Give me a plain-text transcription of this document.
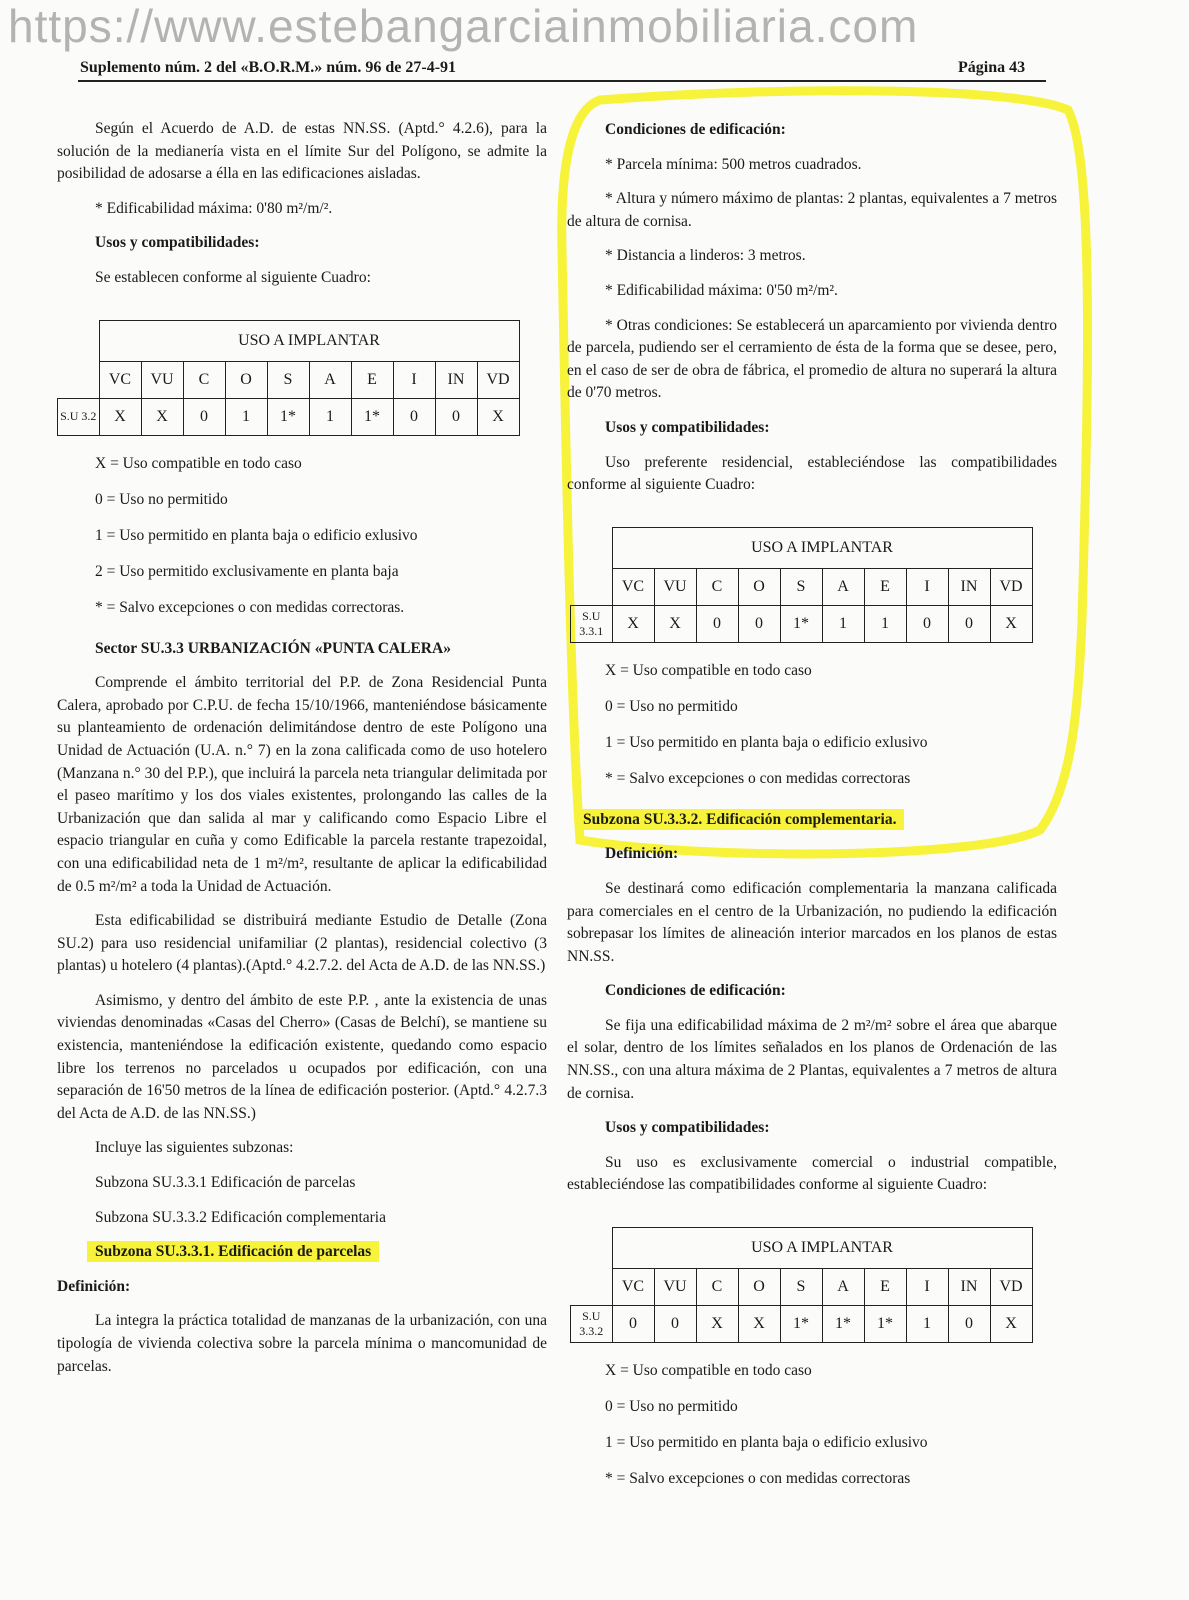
https://www.estebangarciainmobiliaria.com
Suplemento núm. 2 del «B.O.R.M.» núm. 96 de 27-4-91	Página 43
Según el Acuerdo de A.D. de estas NN.SS. (Aptd.° 4.2.6), para la solución de la medianería vista en el límite Sur del Polígono, se admite la posibilidad de adosarse a élla en las edificaciones aisladas.
* Edificabilidad máxima: 0'80 m²/m/².
Usos y compatibilidades:
Se establecen conforme al siguiente Cuadro:
	USO A IMPLANTAR									
	VC	VU	C	O	S	A	E	I	IN	VD
S.U 3.2	X	X	0	1	1*	1	1*	0	0	X
X = Uso compatible en todo caso
0 = Uso no permitido
1 = Uso permitido en planta baja o edificio exlusivo
2 = Uso permitido exclusivamente en planta baja
* = Salvo excepciones o con medidas correctoras.
Sector SU.3.3 URBANIZACIÓN «PUNTA CALERA»
Comprende el ámbito territorial del P.P. de Zona Residencial Punta Calera, aprobado por C.P.U. de fecha 15/10/1966, manteniéndose básicamente su planteamiento de ordenación delimitándose dentro de este Polígono una Unidad de Actuación (U.A. n.° 7) en la zona calificada como de uso hotelero (Manzana n.° 30 del P.P.), que incluirá la parcela neta triangular delimitada por el paseo marítimo y los dos viales existentes, prolongando las calles de la Urbanización que dan salida al mar y calificando como Espacio Libre el espacio triangular en cuña y como Edificable la parcela restante trapezoidal, con una edificabilidad neta de 1 m²/m², resultante de aplicar la edificabilidad de 0.5 m²/m² a toda la Unidad de Actuación.
Esta edificabilidad se distribuirá mediante Estudio de Detalle (Zona SU.2) para uso residencial unifamiliar (2 plantas), residencial colectivo (3 plantas) u hotelero (4 plantas).(Aptd.° 4.2.7.2. del Acta de A.D. de las NN.SS.)
Asimismo, y dentro del ámbito de este P.P. , ante la existencia de unas viviendas denominadas «Casas del Cherro» (Casas de Belchí), se mantiene su existencia, manteniéndose la edificación existente, quedando como espacio libre los terrenos no parcelados u ocupados por edificación, con una separación de 16'50 metros de la línea de edificación posterior. (Aptd.° 4.2.7.3 del Acta de A.D. de las NN.SS.)
Incluye las siguientes subzonas:
Subzona SU.3.3.1 Edificación de parcelas
Subzona SU.3.3.2 Edificación complementaria
Subzona SU.3.3.1. Edificación de parcelas
Definición:
La integra la práctica totalidad de manzanas de la urbanización, con una tipología de vivienda colectiva sobre la parcela mínima o mancomunidad de parcelas.
Condiciones de edificación:
* Parcela mínima: 500 metros cuadrados.
* Altura y número máximo de plantas: 2 plantas, equivalentes a 7 metros de altura de cornisa.
* Distancia a linderos: 3 metros.
* Edificabilidad máxima: 0'50 m²/m².
* Otras condiciones: Se establecerá un aparcamiento por vivienda dentro de parcela, pudiendo ser el cerramiento de ésta de la forma que se desee, pero, en el caso de ser de obra de fábrica, el promedio de altura no superará la altura de 0'70 metros.
Usos y compatibilidades:
Uso preferente residencial, estableciéndose las compatibilidades conforme al siguiente Cuadro:
	USO A IMPLANTAR									
	VC	VU	C	O	S	A	E	I	IN	VD
S.U 3.3.1	X	X	0	0	1*	1	1	0	0	X
X = Uso compatible en todo caso
0 = Uso no permitido
1 = Uso permitido en planta baja o edificio exlusivo
* = Salvo excepciones o con medidas correctoras
Subzona SU.3.3.2. Edificación complementaria.
Definición:
Se destinará como edificación complementaria la manzana calificada para comerciales en el centro de la Urbanización, no pudiendo la edificación sobrepasar los límites de alineación interior marcados en los planos de estas NN.SS.
Condiciones de edificación:
Se fija una edificabilidad máxima de 2 m²/m² sobre el área que abarque el solar, dentro de los límites señalados en los planos de Ordenación de las NN.SS., con una altura máxima de 2 Plantas, equivalentes a 7 metros de altura de cornisa.
Usos y compatibilidades:
Su uso es exclusivamente comercial o industrial compatible, estableciéndose las compatibilidades conforme al siguiente Cuadro:
	USO A IMPLANTAR									
	VC	VU	C	O	S	A	E	I	IN	VD
S.U 3.3.2	0	0	X	X	1*	1*	1*	1	0	X
X = Uso compatible en todo caso
0 = Uso no permitido
1 = Uso permitido en planta baja o edificio exlusivo
* = Salvo excepciones o con medidas correctoras
